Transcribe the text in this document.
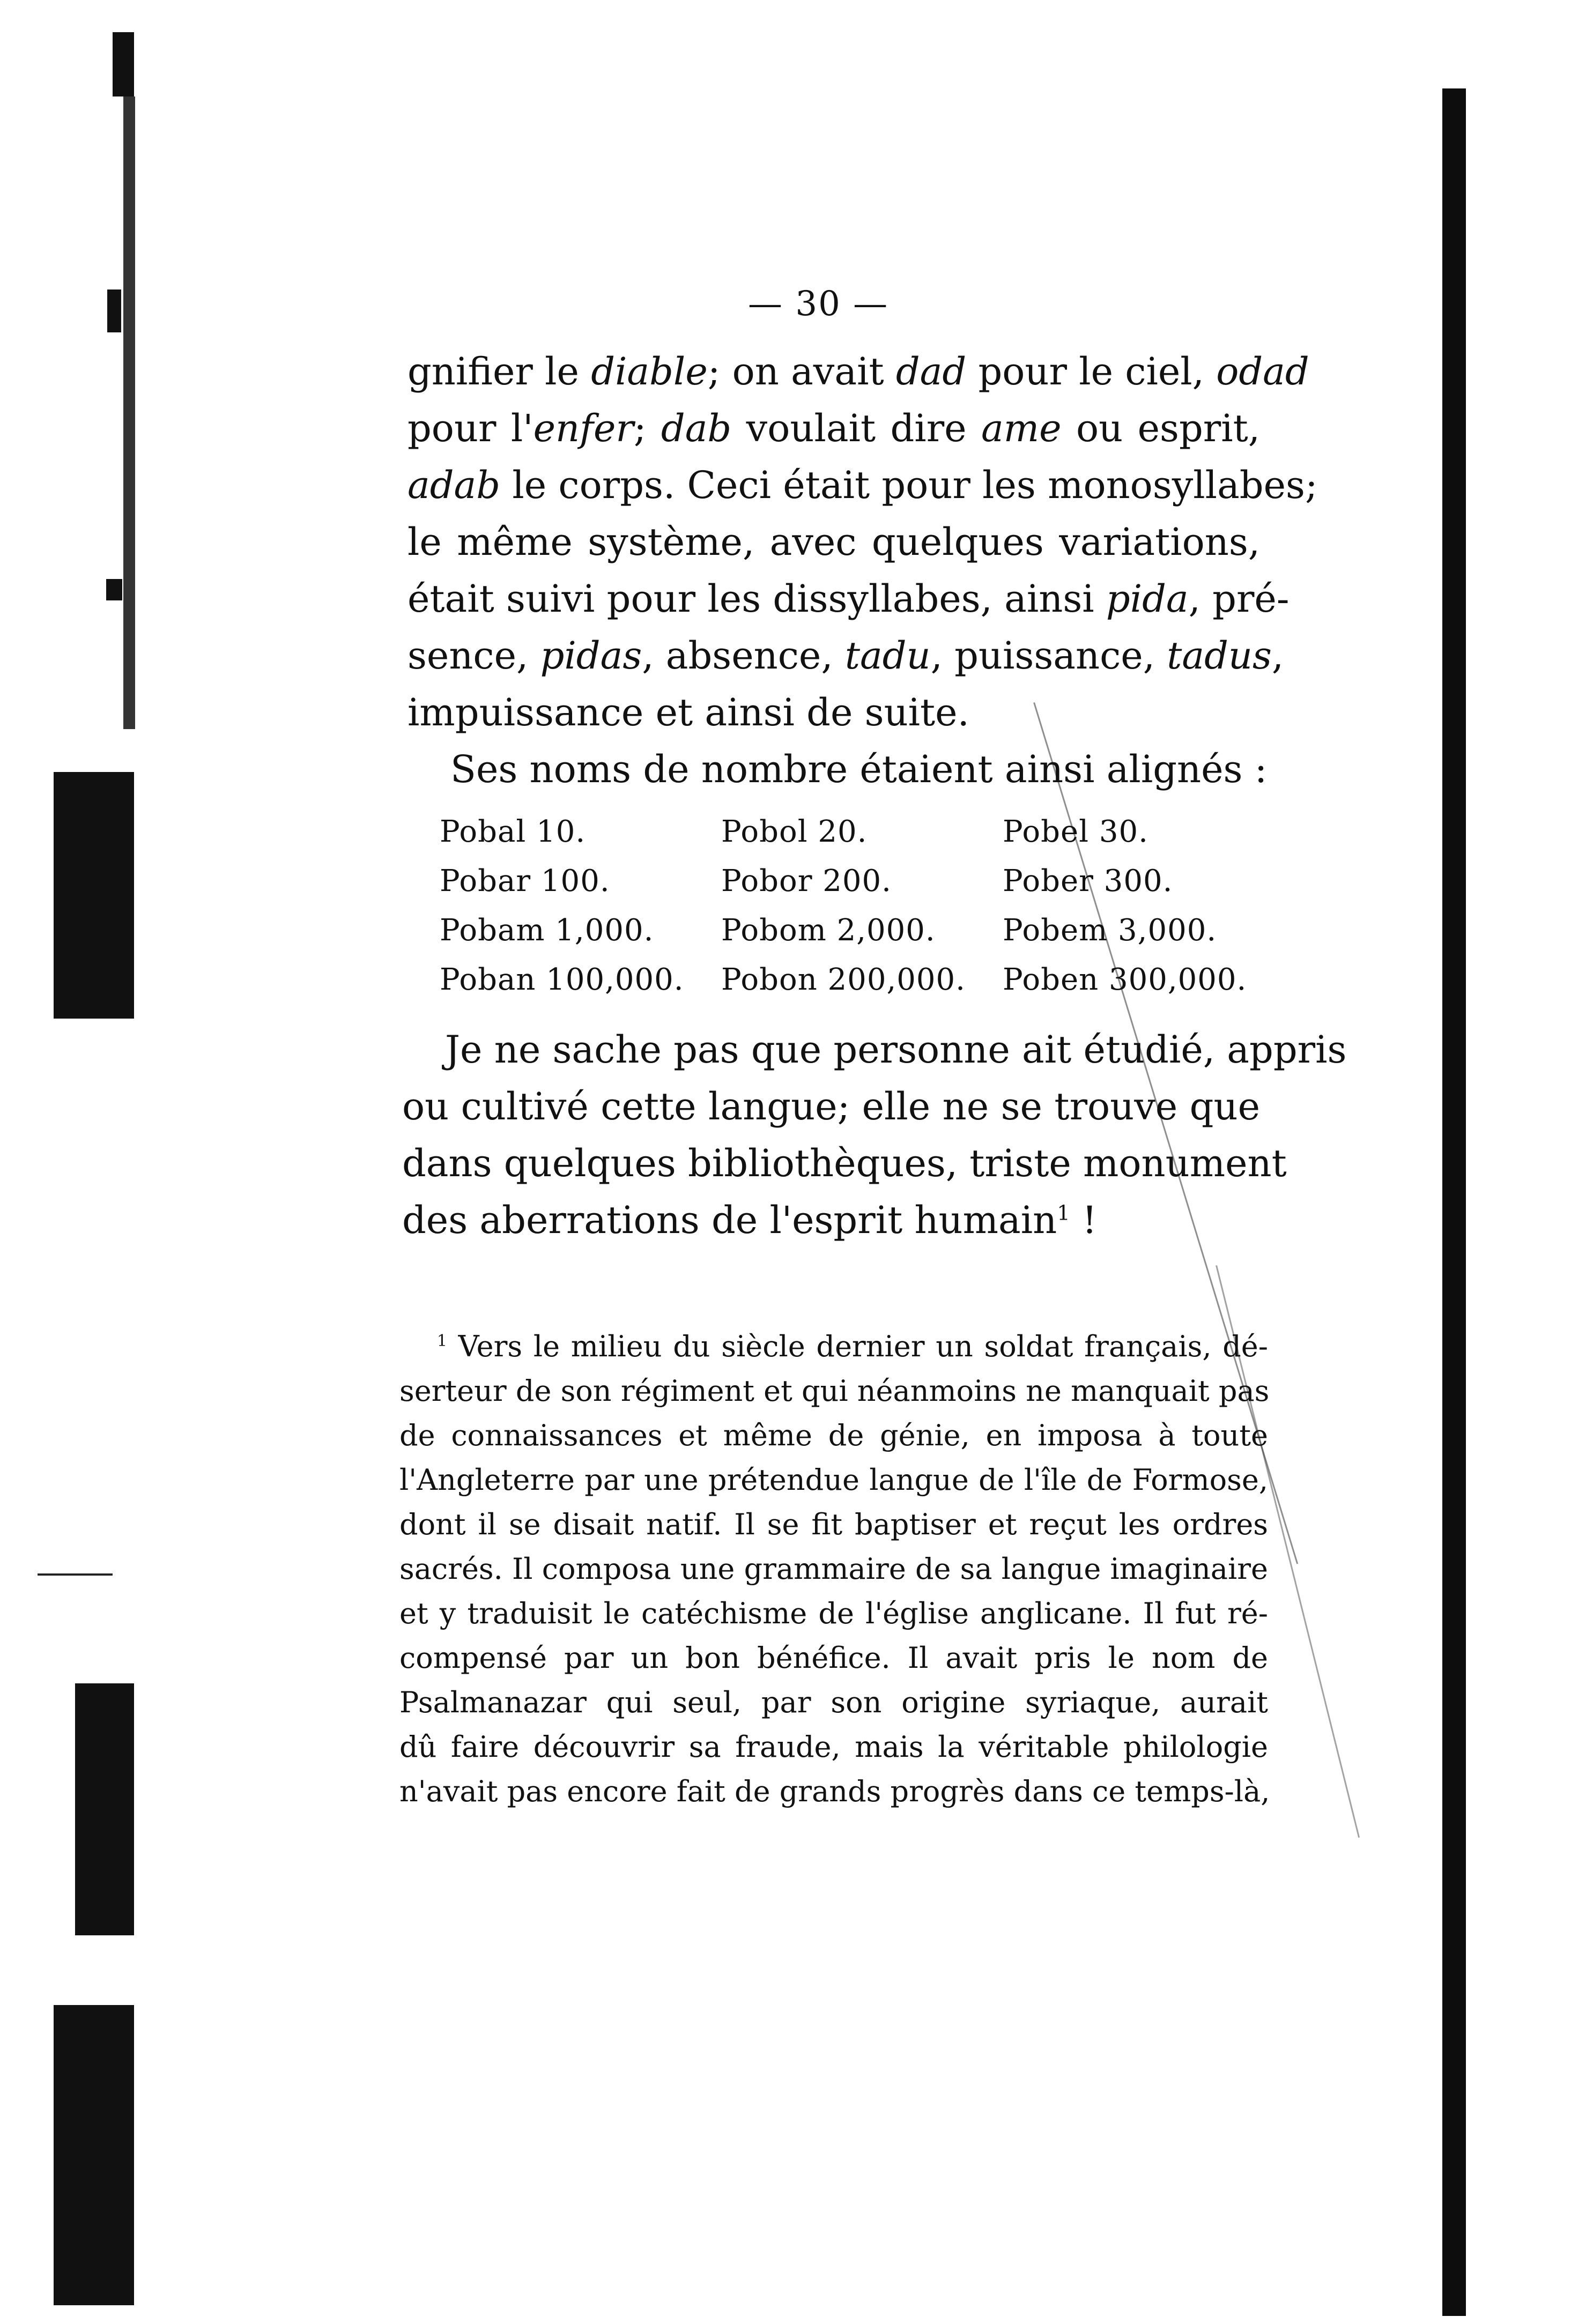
— 30 —
gnifier le diable; on avait dad pour le ciel, odad
pour l'enfer; dab voulait dire ame ou esprit,
adab le corps. Ceci était pour les monosyllabes;
le même système, avec quelques variations,
était suivi pour les dissyllabes, ainsi pida, pré-
sence, pidas, absence, tadu, puissance, tadus,
impuissance et ainsi de suite.
Ses noms de nombre étaient ainsi alignés :
Pobal 10.	Pobol 20.	Pobel 30.
Pobar 100.	Pobor 200.	Pober 300.
Pobam 1,000.	Pobom 2,000.	Pobem 3,000.
Poban 100,000.	Pobon 200,000.	Poben 300,000.
Je ne sache pas que personne ait étudié, appris
ou cultivé cette langue; elle ne se trouve que
dans quelques bibliothèques, triste monument
des aberrations de l'esprit humain$^1$ !
$^1$ Vers le milieu du siècle dernier un soldat français, dé-
serteur de son régiment et qui néanmoins ne manquait pas
de connaissances et même de génie, en imposa à toute
l'Angleterre par une prétendue langue de l'île de Formose,
dont il se disait natif. Il se fit baptiser et reçut les ordres
sacrés. Il composa une grammaire de sa langue imaginaire
et y traduisit le catéchisme de l'église anglicane. Il fut ré-
compensé par un bon bénéfice. Il avait pris le nom de
Psalmanazar qui seul, par son origine syriaque, aurait
dû faire découvrir sa fraude, mais la véritable philologie
n'avait pas encore fait de grands progrès dans ce temps-là,
